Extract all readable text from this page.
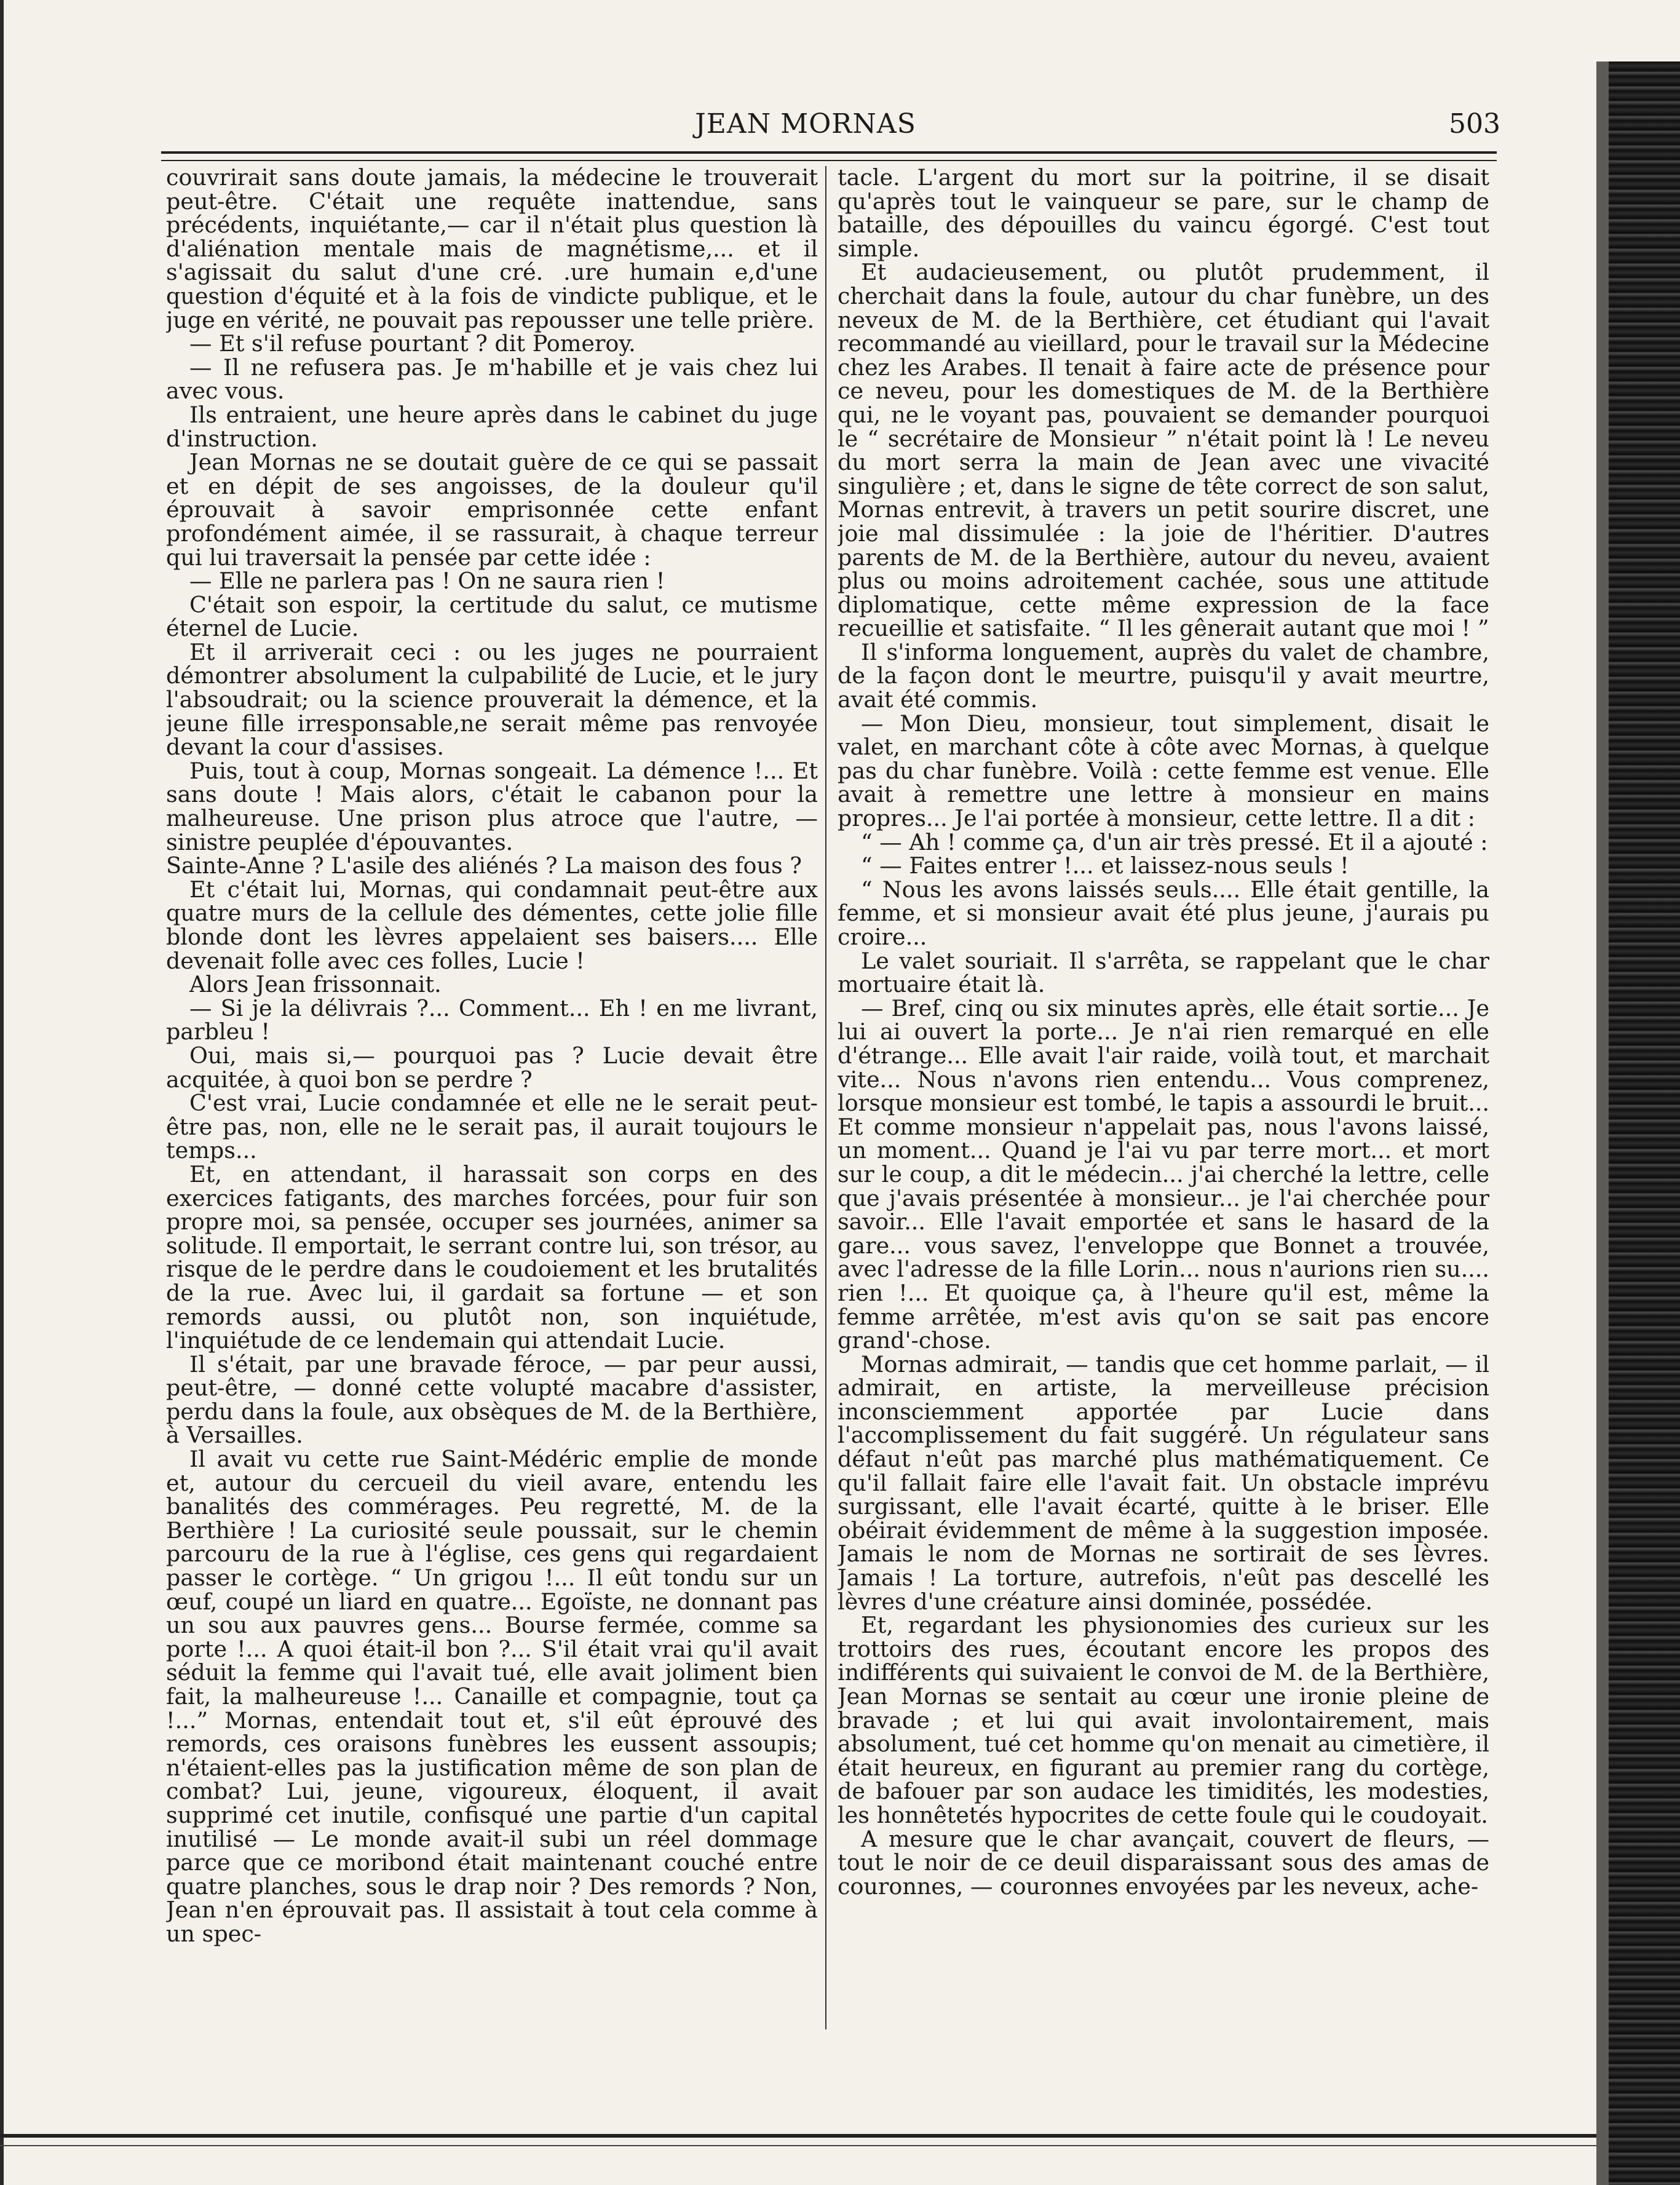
JEAN MORNAS	503

couvrirait sans doute jamais, la médecine le trouverait peut-être. C'était une requête inattendue, sans précédents, inquiétante,— car il n'était plus question là d'aliénation mentale mais de magnétisme,... et il s'agissait du salut d'une cré. .ure humain e,d'une question d'équité et à la fois de vindicte publique, et le juge en vérité, ne pouvait pas repousser une telle prière.

— Et s'il refuse pourtant ? dit Pomeroy.

— Il ne refusera pas. Je m'habille et je vais chez lui avec vous.

Ils entraient, une heure après dans le cabinet du juge d'instruction.

Jean Mornas ne se doutait guère de ce qui se passait et en dépit de ses angoisses, de la douleur qu'il éprouvait à savoir emprisonnée cette enfant profondément aimée, il se rassurait, à chaque terreur qui lui traversait la pensée par cette idée :

— Elle ne parlera pas ! On ne saura rien !

C'était son espoir, la certitude du salut, ce mutisme éternel de Lucie.

Et il arriverait ceci : ou les juges ne pourraient démontrer absolument la culpabilité de Lucie, et le jury l'absoudrait; ou la science prouverait la démence, et la jeune fille irresponsable,ne serait même pas renvoyée devant la cour d'assises.

Puis, tout à coup, Mornas songeait. La démence !... Et sans doute ! Mais alors, c'était le cabanon pour la malheureuse. Une prison plus atroce que l'autre, — sinistre peuplée d'épouvantes.

Sainte-Anne ? L'asile des aliénés ? La maison des fous ?

Et c'était lui, Mornas, qui condamnait peut-être aux quatre murs de la cellule des démentes, cette jolie fille blonde dont les lèvres appelaient ses baisers.... Elle devenait folle avec ces folles, Lucie !

Alors Jean frissonnait.

— Si je la délivrais ?... Comment... Eh ! en me livrant, parbleu !

Oui, mais si,— pourquoi pas ? Lucie devait être acquitée, à quoi bon se perdre ?

C'est vrai, Lucie condamnée et elle ne le serait peut-être pas, non, elle ne le serait pas, il aurait toujours le temps...

Et, en attendant, il harassait son corps en des exercices fatigants, des marches forcées, pour fuir son propre moi, sa pensée, occuper ses journées, animer sa solitude. Il emportait, le serrant contre lui, son trésor, au risque de le perdre dans le coudoiement et les brutalités de la rue. Avec lui, il gardait sa fortune — et son remords aussi, ou plutôt non, son inquiétude, l'inquiétude de ce lendemain qui attendait Lucie.

Il s'était, par une bravade féroce, — par peur aussi, peut-être, — donné cette volupté macabre d'assister, perdu dans la foule, aux obsèques de M. de la Berthière, à Versailles.

Il avait vu cette rue Saint-Médéric emplie de monde et, autour du cercueil du vieil avare, entendu les banalités des commérages. Peu regretté, M. de la Berthière ! La curiosité seule poussait, sur le chemin parcouru de la rue à l'église, ces gens qui regardaient passer le cortège. “ Un grigou !... Il eût tondu sur un œuf, coupé un liard en quatre... Egoïste, ne donnant pas un sou aux pauvres gens... Bourse fermée, comme sa porte !... A quoi était-il bon ?... S'il était vrai qu'il avait séduit la femme qui l'avait tué, elle avait joliment bien fait, la malheureuse !... Canaille et compagnie, tout ça !...” Mornas, entendait tout et, s'il eût éprouvé des remords, ces oraisons funèbres les eussent assoupis; n'étaient-elles pas la justification même de son plan de combat? Lui, jeune, vigoureux, éloquent, il avait supprimé cet inutile, confisqué une partie d'un capital inutilisé — Le monde avait-il subi un réel dommage parce que ce moribond était maintenant couché entre quatre planches, sous le drap noir ? Des remords ? Non, Jean n'en éprouvait pas. Il assistait à tout cela comme à un spec-

tacle. L'argent du mort sur la poitrine, il se disait qu'après tout le vainqueur se pare, sur le champ de bataille, des dépouilles du vaincu égorgé. C'est tout simple.

Et audacieusement, ou plutôt prudemment, il cherchait dans la foule, autour du char funèbre, un des neveux de M. de la Berthière, cet étudiant qui l'avait recommandé au vieillard, pour le travail sur la Médecine chez les Arabes. Il tenait à faire acte de présence pour ce neveu, pour les domestiques de M. de la Berthière qui, ne le voyant pas, pouvaient se demander pourquoi le “ secrétaire de Monsieur ” n'était point là ! Le neveu du mort serra la main de Jean avec une vivacité singulière ; et, dans le signe de tête correct de son salut, Mornas entrevit, à travers un petit sourire discret, une joie mal dissimulée : la joie de l'héritier. D'autres parents de M. de la Berthière, autour du neveu, avaient plus ou moins adroitement cachée, sous une attitude diplomatique, cette même expression de la face recueillie et satisfaite. “ Il les gênerait autant que moi ! ”

Il s'informa longuement, auprès du valet de chambre, de la façon dont le meurtre, puisqu'il y avait meurtre, avait été commis.

— Mon Dieu, monsieur, tout simplement, disait le valet, en marchant côte à côte avec Mornas, à quelque pas du char funèbre. Voilà : cette femme est venue. Elle avait à remettre une lettre à monsieur en mains propres... Je l'ai portée à monsieur, cette lettre. Il a dit :

“ — Ah ! comme ça, d'un air très pressé. Et il a ajouté :

“ — Faites entrer !... et laissez-nous seuls !

“ Nous les avons laissés seuls.... Elle était gentille, la femme, et si monsieur avait été plus jeune, j'aurais pu croire...

Le valet souriait. Il s'arrêta, se rappelant que le char mortuaire était là.

— Bref, cinq ou six minutes après, elle était sortie... Je lui ai ouvert la porte... Je n'ai rien remarqué en elle d'étrange... Elle avait l'air raide, voilà tout, et marchait vite... Nous n'avons rien entendu... Vous comprenez, lorsque monsieur est tombé, le tapis a assourdi le bruit... Et comme monsieur n'appelait pas, nous l'avons laissé, un moment... Quand je l'ai vu par terre mort... et mort sur le coup, a dit le médecin... j'ai cherché la lettre, celle que j'avais présentée à monsieur... je l'ai cherchée pour savoir... Elle l'avait emportée et sans le hasard de la gare... vous savez, l'enveloppe que Bonnet a trouvée, avec l'adresse de la fille Lorin... nous n'aurions rien su.... rien !... Et quoique ça, à l'heure qu'il est, même la femme arrêtée, m'est avis qu'on se sait pas encore grand'-chose.

Mornas admirait, — tandis que cet homme parlait, — il admirait, en artiste, la merveilleuse précision inconsciemment apportée par Lucie dans l'accomplissement du fait suggéré. Un régulateur sans défaut n'eût pas marché plus mathématiquement. Ce qu'il fallait faire elle l'avait fait. Un obstacle imprévu surgissant, elle l'avait écarté, quitte à le briser. Elle obéirait évidemment de même à la suggestion imposée. Jamais le nom de Mornas ne sortirait de ses lèvres. Jamais ! La torture, autrefois, n'eût pas descellé les lèvres d'une créature ainsi dominée, possédée.

Et, regardant les physionomies des curieux sur les trottoirs des rues, écoutant encore les propos des indifférents qui suivaient le convoi de M. de la Berthière, Jean Mornas se sentait au cœur une ironie pleine de bravade ; et lui qui avait involontairement, mais absolument, tué cet homme qu'on menait au cimetière, il était heureux, en figurant au premier rang du cortège, de bafouer par son audace les timidités, les modesties, les honnêtetés hypocrites de cette foule qui le coudoyait.

A mesure que le char avançait, couvert de fleurs, — tout le noir de ce deuil disparaissant sous des amas de couronnes, — couronnes envoyées par les neveux, ache-
